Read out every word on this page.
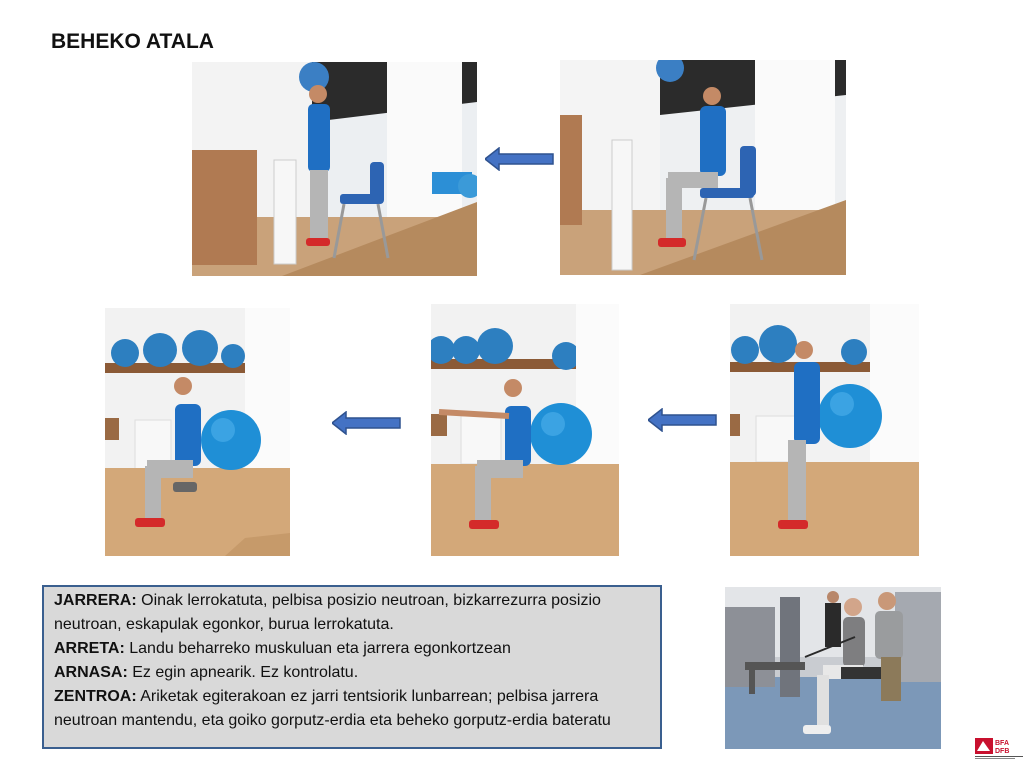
BEHEKO ATALA

JARRERA: Oinak lerrokatuta, pelbisa posizio neutroan, bizkarrezurra posizio neutroan, eskapulak egonkor, burua lerrokatuta.

ARRETA: Landu beharreko muskuluan eta jarrera egonkortzean

ARNASA: Ez egin apnearik. Ez kontrolatu.

ZENTROA: Ariketak egiterakoan ez jarri tentsiorik lunbarrean; pelbisa jarrera neutroan mantendu, eta goiko gorputz-erdia eta beheko gorputz-erdia bateratu

BFA
DFB
